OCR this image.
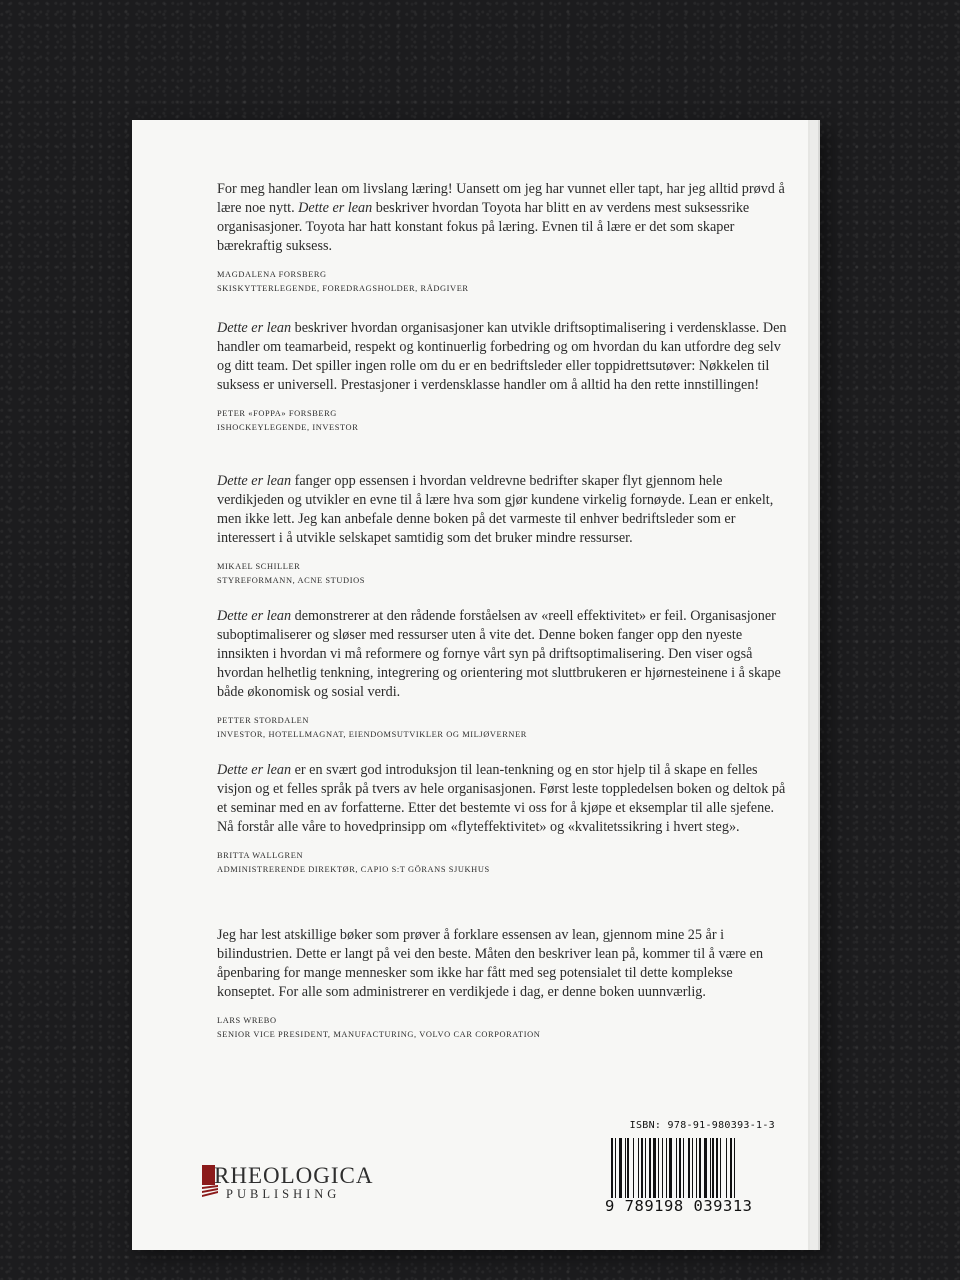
For meg handler lean om livslang læring! Uansett om jeg har vunnet eller tapt, har jeg alltid prøvd å lære noe nytt. Dette er lean beskriver hvordan Toyota har blitt en av verdens mest suksessrike organisasjoner. Toyota har hatt konstant fokus på læring. Evnen til å lære er det som skaper bærekraftig suksess.

MAGDALENA FORSBERG
SKISKYTTERLEGENDE, FOREDRAGSHOLDER, RÅDGIVER

Dette er lean beskriver hvordan organisasjoner kan utvikle driftsoptimalisering i verdensklasse. Den handler om teamarbeid, respekt og kontinuerlig forbedring og om hvordan du kan utfordre deg selv og ditt team. Det spiller ingen rolle om du er en bedriftsleder eller toppidrettsutøver: Nøkkelen til suksess er universell. Prestasjoner i verdensklasse handler om å alltid ha den rette innstillingen!

PETER «FOPPA» FORSBERG
ISHOCKEYLEGENDE, INVESTOR

Dette er lean fanger opp essensen i hvordan veldrevne bedrifter skaper flyt gjennom hele verdikjeden og utvikler en evne til å lære hva som gjør kundene virkelig fornøyde. Lean er enkelt, men ikke lett. Jeg kan anbefale denne boken på det varmeste til enhver bedriftsleder som er interessert i å utvikle selskapet samtidig som det bruker mindre ressurser.

MIKAEL SCHILLER
STYREFORMANN, ACNE STUDIOS

Dette er lean demonstrerer at den rådende forståelsen av «reell effektivitet» er feil. Organisasjoner suboptimaliserer og sløser med ressurser uten å vite det. Denne boken fanger opp den nyeste innsikten i hvordan vi må reformere og fornye vårt syn på driftsoptimalisering. Den viser også hvordan helhetlig tenkning, integrering og orientering mot sluttbrukeren er hjørnesteinene i å skape både økonomisk og sosial verdi.

PETTER STORDALEN
INVESTOR, HOTELLMAGNAT, EIENDOMSUTVIKLER OG MILJØVERNER

Dette er lean er en svært god introduksjon til lean-tenkning og en stor hjelp til å skape en felles visjon og et felles språk på tvers av hele organisasjonen. Først leste toppledelsen boken og deltok på et seminar med en av forfatterne. Etter det bestemte vi oss for å kjøpe et eksemplar til alle sjefene. Nå forstår alle våre to hovedprinsipp om «flyteffektivitet» og «kvalitetssikring i hvert steg».

BRITTA WALLGREN
ADMINISTRERENDE DIREKTØR, CAPIO S:T GÖRANS SJUKHUS

Jeg har lest atskillige bøker som prøver å forklare essensen av lean, gjennom mine 25 år i bilindustrien. Dette er langt på vei den beste. Måten den beskriver lean på, kommer til å være en åpenbaring for mange mennesker som ikke har fått med seg potensialet til dette komplekse konseptet. For alle som administrerer en verdikjede i dag, er denne boken uunnværlig.

LARS WREBO
SENIOR VICE PRESIDENT, MANUFACTURING, VOLVO CAR CORPORATION
RHEOLOGICA
PUBLISHING
ISBN: 978-91-980393-1-3
9 789198 039313
